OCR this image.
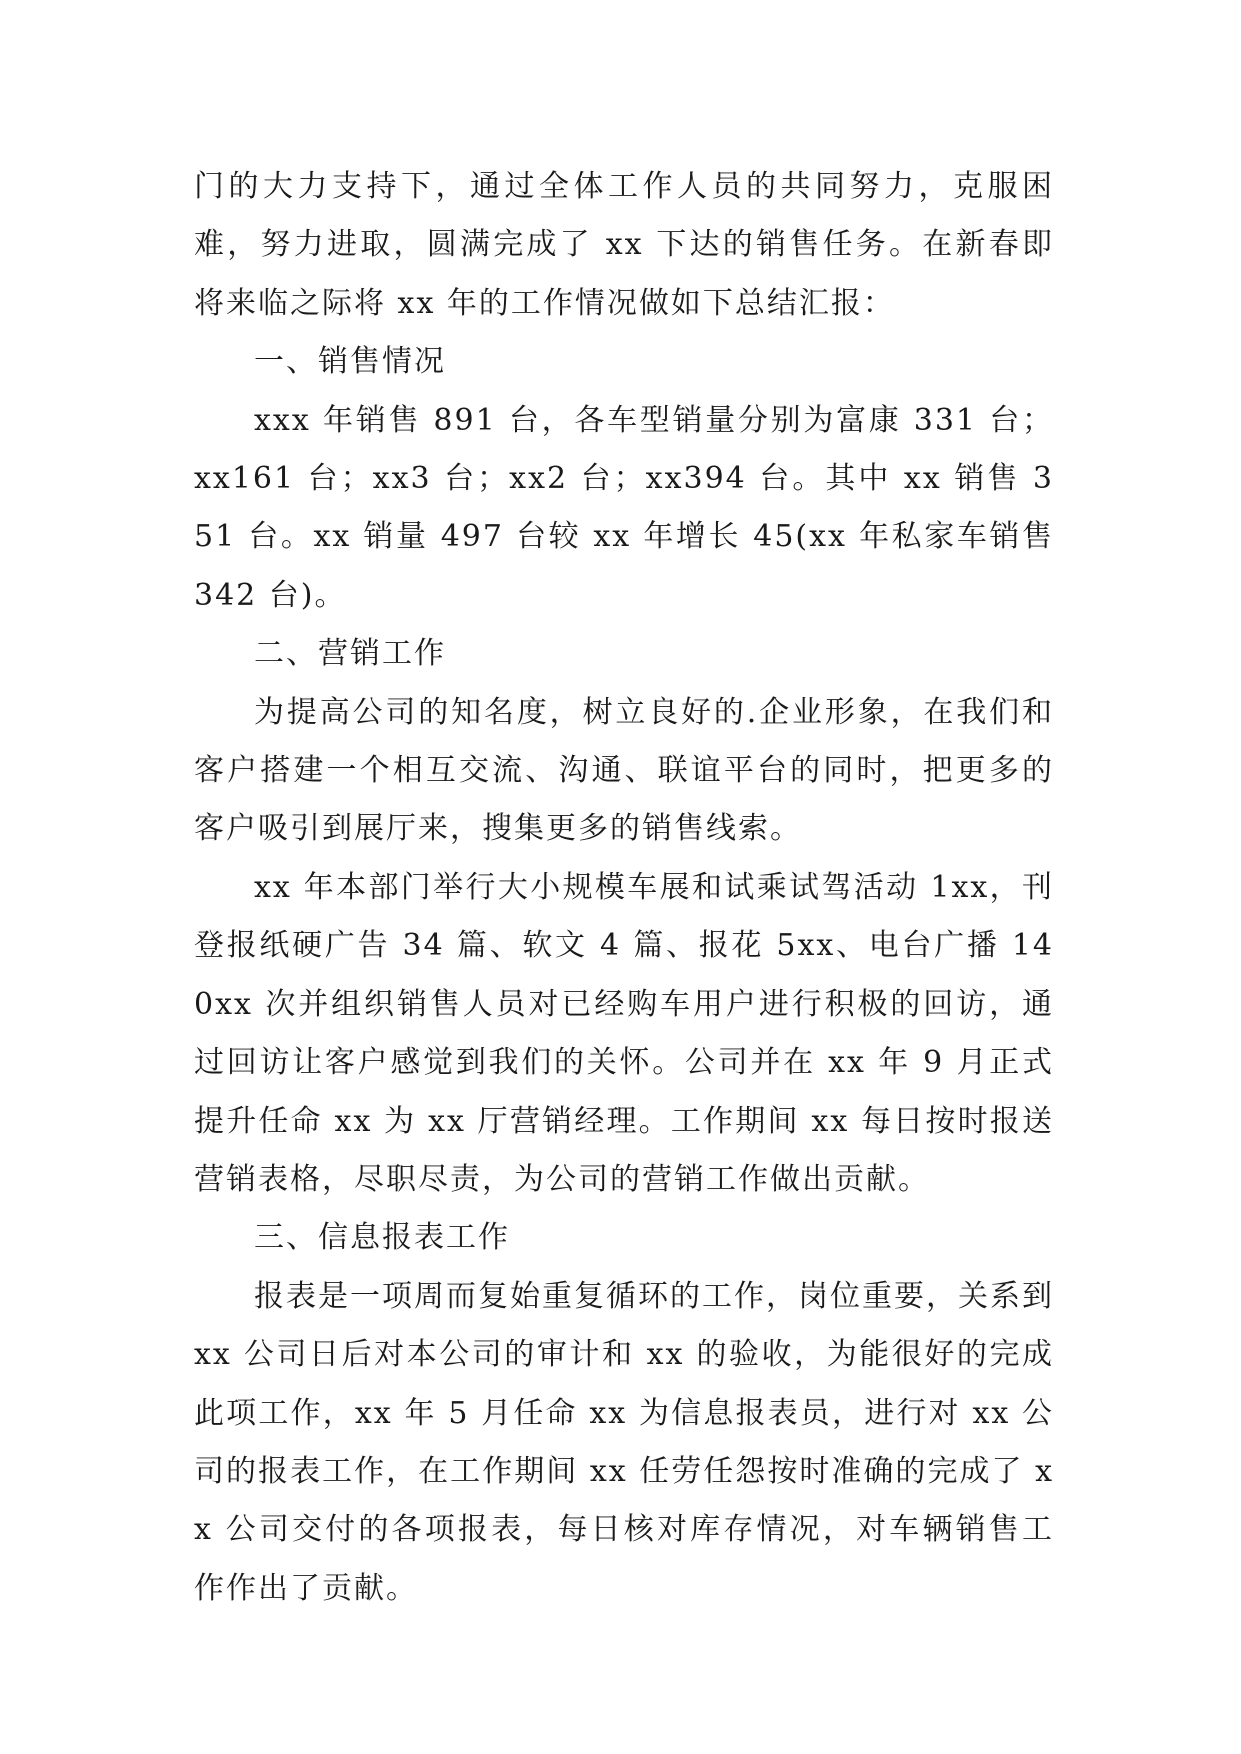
门的大力支持下，通过全体工作人员的共同努力，克服困难，努力进取，圆满完成了 xx 下达的销售任务。在新春即将来临之际将 xx 年的工作情况做如下总结汇报：

一、销售情况

xxx 年销售 891 台，各车型销量分别为富康 331 台；xx161 台；xx3 台；xx2 台；xx394 台。其中 xx 销售 351 台。xx 销量 497 台较 xx 年增长 45(xx 年私家车销售 342 台)。

二、营销工作

为提高公司的知名度，树立良好的.企业形象，在我们和客户搭建一个相互交流、沟通、联谊平台的同时，把更多的客户吸引到展厅来，搜集更多的销售线索。

xx 年本部门举行大小规模车展和试乘试驾活动 1xx，刊登报纸硬广告 34 篇、软文 4 篇、报花 5xx、电台广播 140xx 次并组织销售人员对已经购车用户进行积极的回访，通过回访让客户感觉到我们的关怀。公司并在 xx 年 9 月正式提升任命 xx 为 xx 厅营销经理。工作期间 xx 每日按时报送营销表格，尽职尽责，为公司的营销工作做出贡献。

三、信息报表工作

报表是一项周而复始重复循环的工作，岗位重要，关系到 xx 公司日后对本公司的审计和 xx 的验收，为能很好的完成此项工作，xx 年 5 月任命 xx 为信息报表员，进行对 xx 公司的报表工作，在工作期间 xx 任劳任怨按时准确的完成了 xx 公司交付的各项报表，每日核对库存情况，对车辆销售工作作出了贡献。
